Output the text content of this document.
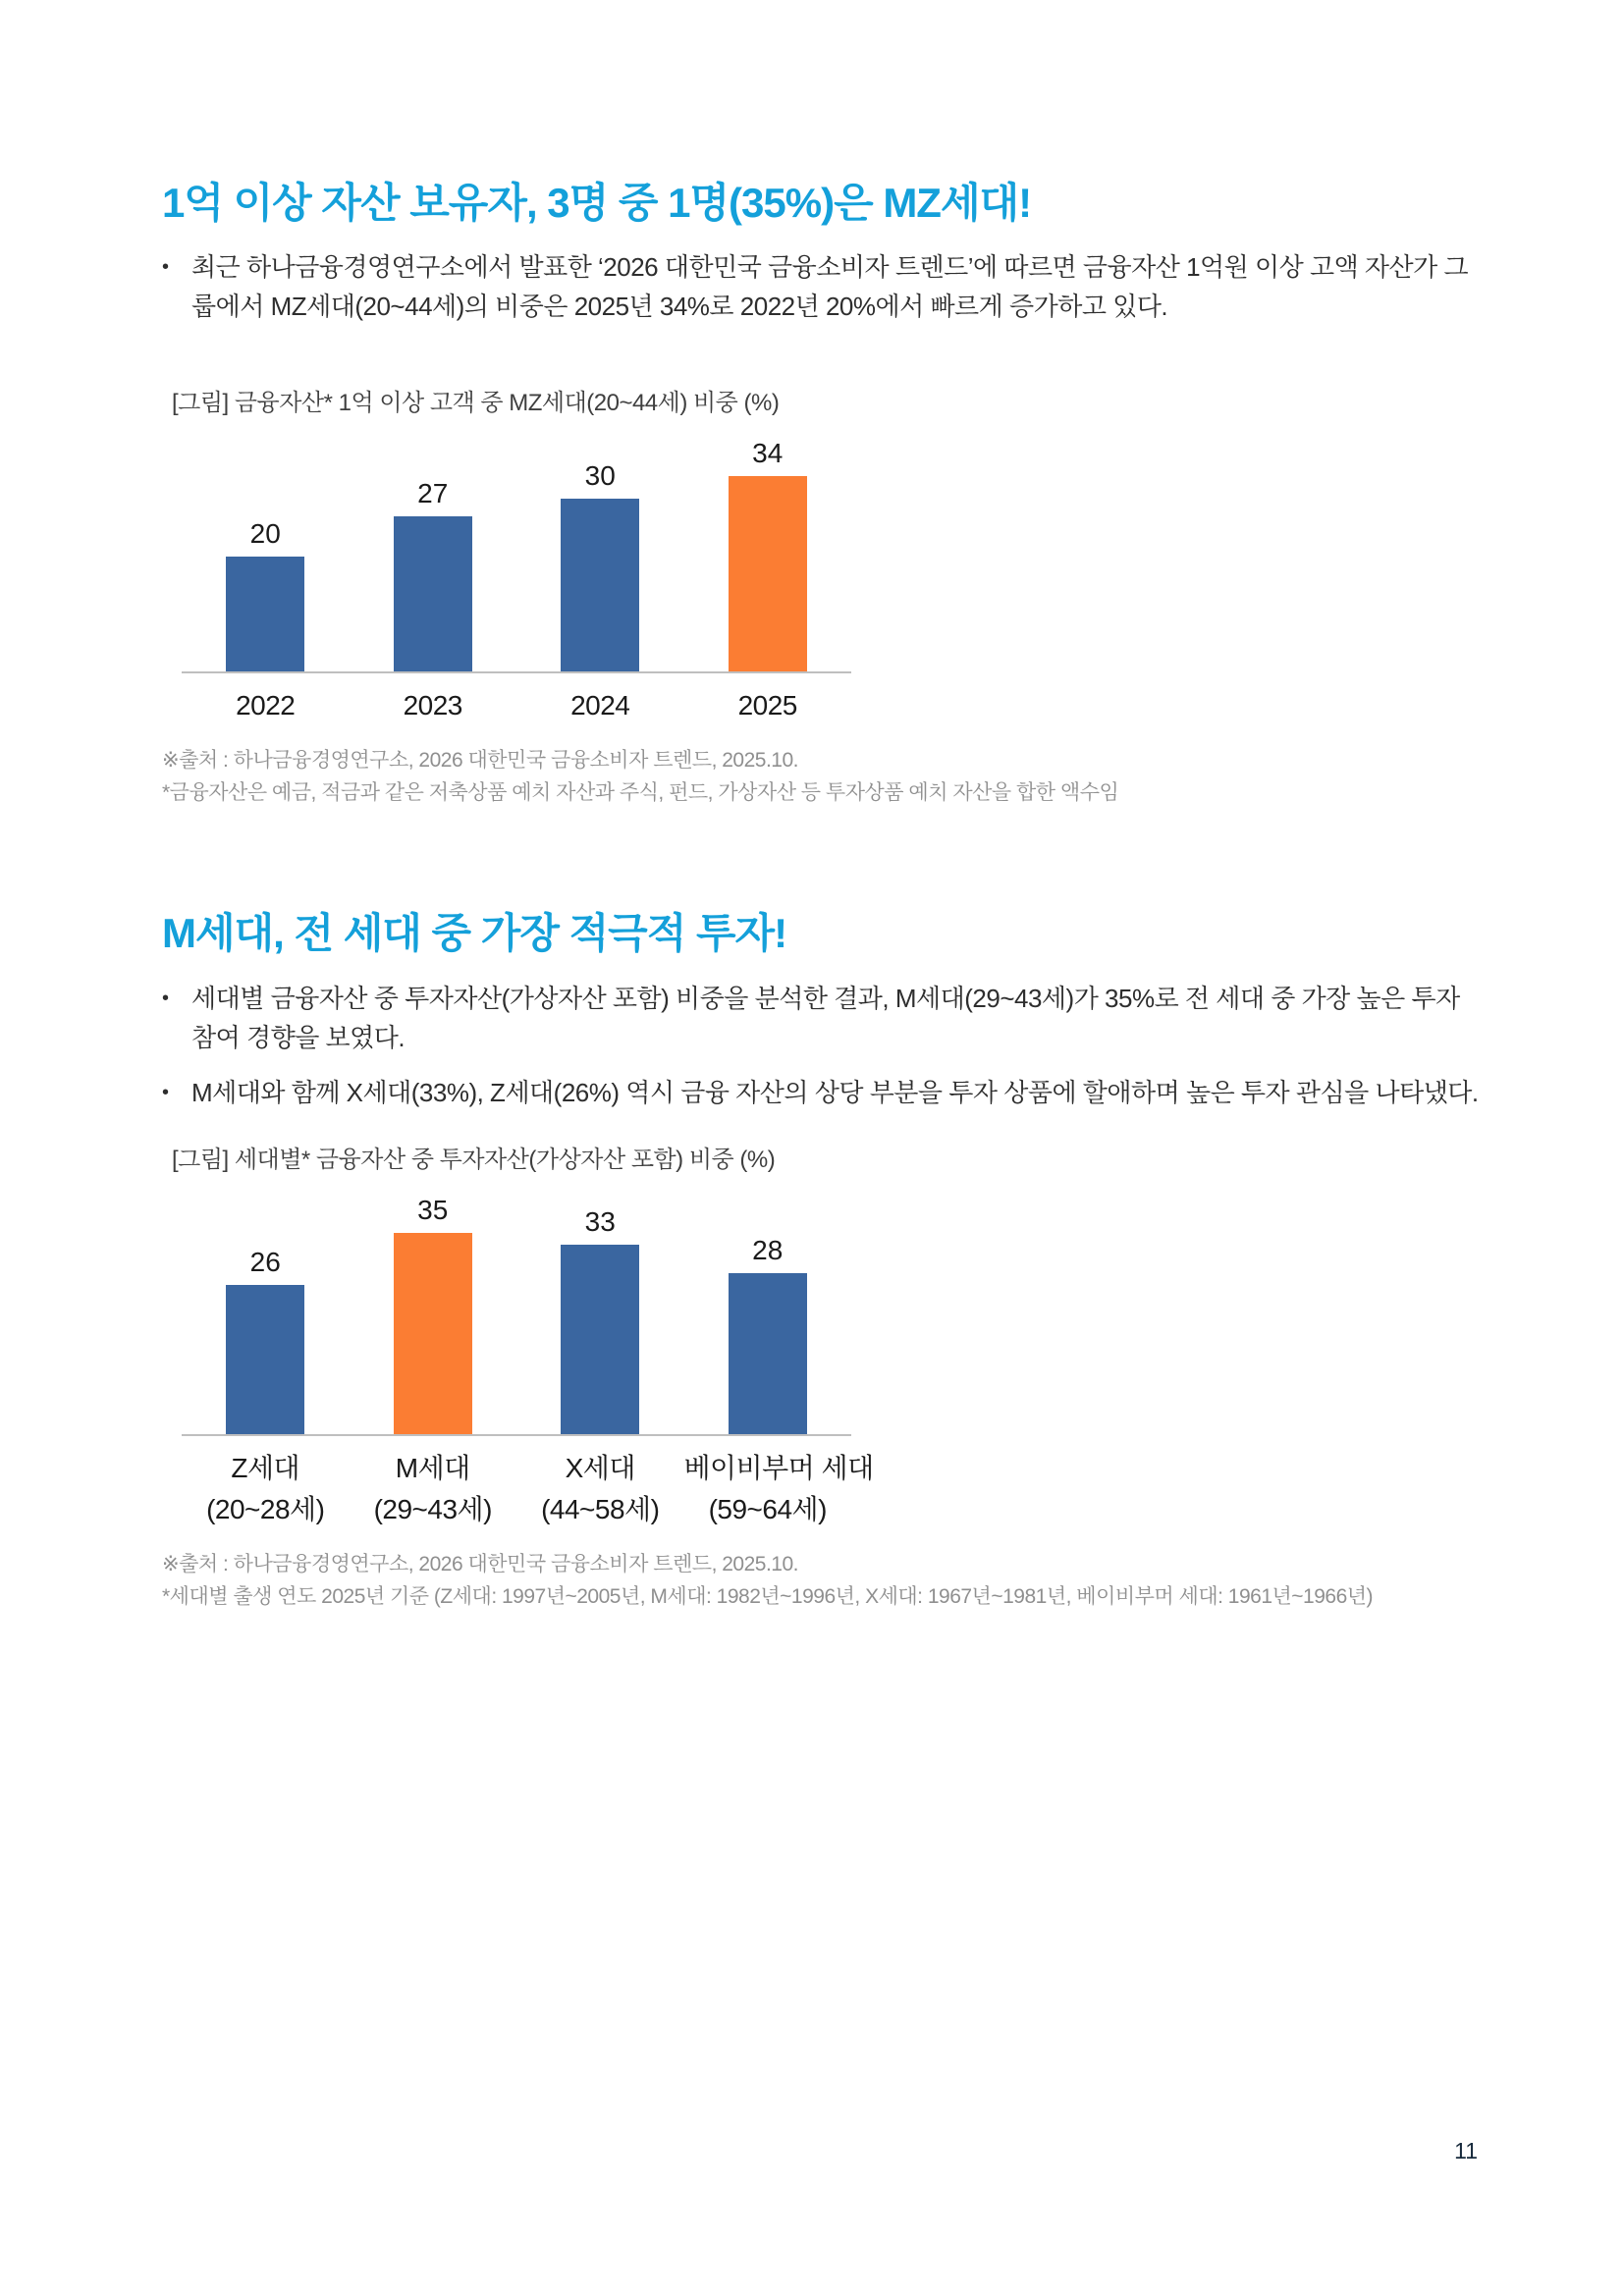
1억 이상 자산 보유자, 3명 중 1명(35%)은 MZ세대!
• 최근 하나금융경영연구소에서 발표한 ‘2026 대한민국 금융소비자 트렌드’에 따르면 금융자산 1억원 이상 고액 자산가 그룹에서 MZ세대(20~44세)의 비중은 2025년 34%로 2022년 20%에서 빠르게 증가하고 있다.
[그림] 금융자산* 1억 이상 고객 중 MZ세대(20~44세) 비중 (%)
20
27
30
34
2022	2023	2024	2025
※출처 : 하나금융경영연구소, 2026 대한민국 금융소비자 트렌드, 2025.10.
*금융자산은 예금, 적금과 같은 저축상품 예치 자산과 주식, 펀드, 가상자산 등 투자상품 예치 자산을 합한 액수임
M세대, 전 세대 중 가장 적극적 투자!
• 세대별 금융자산 중 투자자산(가상자산 포함) 비중을 분석한 결과, M세대(29~43세)가 35%로 전 세대 중 가장 높은 투자 참여 경향을 보였다.
• M세대와 함께 X세대(33%), Z세대(26%) 역시 금융 자산의 상당 부분을 투자 상품에 할애하며 높은 투자 관심을 나타냈다.
[그림] 세대별* 금융자산 중 투자자산(가상자산 포함) 비중 (%)
26
35	33
28
Z세대
(20~28세)
M세대
(29~43세)
X세대
(44~58세)
베이비부머 세대
(59~64세)
※출처 : 하나금융경영연구소, 2026 대한민국 금융소비자 트렌드, 2025.10.
*세대별 출생 연도 2025년 기준 (Z세대: 1997년~2005년, M세대: 1982년~1996년, X세대: 1967년~1981년, 베이비부머 세대: 1961년~1966년)
11
